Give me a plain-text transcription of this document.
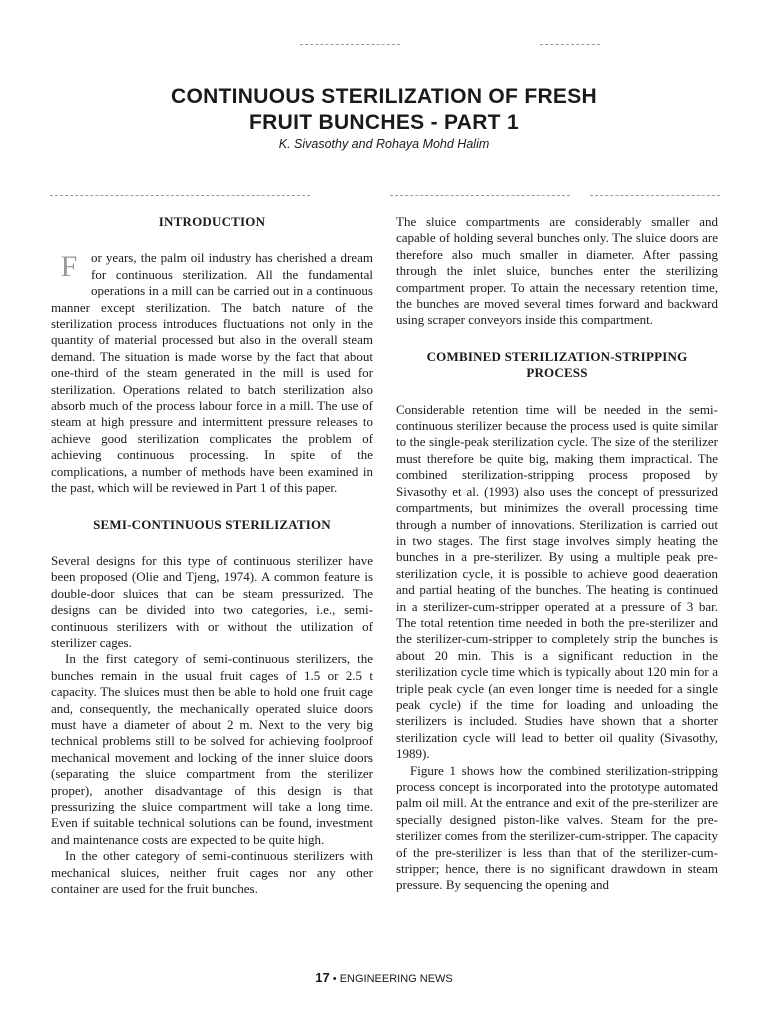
CONTINUOUS STERILIZATION OF FRESH
FRUIT BUNCHES - PART 1
K. Sivasothy and Rohaya Mohd Halim

INTRODUCTION

F	or years, the palm oil industry has cherished a dream for continuous sterilization. All the fundamental operations in a mill can be carried out in a continuous manner except sterilization. The batch nature of the sterilization process introduces fluctuations not only in the quantity of material processed but also in the overall steam demand. The situation is made worse by the fact that about one-third of the steam generated in the mill is used for sterilization. Operations related to batch sterilization also absorb much of the process labour force in a mill. The use of steam at high pressure and intermittent pressure releases to achieve good sterilization complicates the problem of achieving continuous processing. In spite of the complications, a number of methods have been examined in the past, which will be reviewed in Part 1 of this paper.

SEMI-CONTINUOUS STERILIZATION

Several designs for this type of continuous sterilizer have been proposed (Olie and Tjeng, 1974). A common feature is double-door sluices that can be steam pressurized. The designs can be divided into two categories, i.e., semi-continuous sterilizers with or without the utilization of sterilizer cages.

In the first category of semi-continuous sterilizers, the bunches remain in the usual fruit cages of 1.5 or 2.5 t capacity. The sluices must then be able to hold one fruit cage and, consequently, the mechanically operated sluice doors must have a diameter of about 2 m. Next to the very big technical problems still to be solved for achieving foolproof mechanical movement and locking of the inner sluice doors (separating the sluice compartment from the sterilizer proper), another disadvantage of this design is that pressurizing the sluice compartment will take a long time. Even if suitable technical solutions can be found, investment and maintenance costs are expected to be quite high.

In the other category of semi-continuous sterilizers with mechanical sluices, neither fruit cages nor any other container are used for the fruit bunches.

The sluice compartments are considerably smaller and capable of holding several bunches only. The sluice doors are therefore also much smaller in diameter. After passing through the inlet sluice, bunches enter the sterilizing compartment proper. To attain the necessary retention time, the bunches are moved several times forward and backward using scraper conveyors inside this compartment.

COMBINED STERILIZATION-STRIPPING
PROCESS

Considerable retention time will be needed in the semi-continuous sterilizer because the process used is quite similar to the single-peak sterilization cycle. The size of the sterilizer must therefore be quite big, making them impractical. The combined sterilization-stripping process proposed by Sivasothy et al. (1993) also uses the concept of pressurized compartments, but minimizes the overall processing time through a number of innovations. Sterilization is carried out in two stages. The first stage involves simply heating the bunches in a pre-sterilizer. By using a multiple peak pre-sterilization cycle, it is possible to achieve good deaeration and partial heating of the bunches. The heating is continued in a sterilizer-cum-stripper operated at a pressure of 3 bar. The total retention time needed in both the pre-sterilizer and the sterilizer-cum-stripper to completely strip the bunches is about 20 min. This is a significant reduction in the sterilization cycle time which is typically about 120 min for a triple peak cycle (an even longer time is needed for a single peak cycle) if the time for loading and unloading the sterilizers is included. Studies have shown that a shorter sterilization cycle will lead to better oil quality (Sivasothy, 1989).

Figure 1 shows how the combined sterilization-stripping process concept is incorporated into the prototype automated palm oil mill. At the entrance and exit of the pre-sterilizer are specially designed piston-like valves. Steam for the pre-sterilizer comes from the sterilizer-cum-stripper. The capacity of the pre-sterilizer is less than that of the sterilizer-cum-stripper; hence, there is no significant drawdown in steam pressure. By sequencing the opening and

17 • ENGINEERING NEWS
